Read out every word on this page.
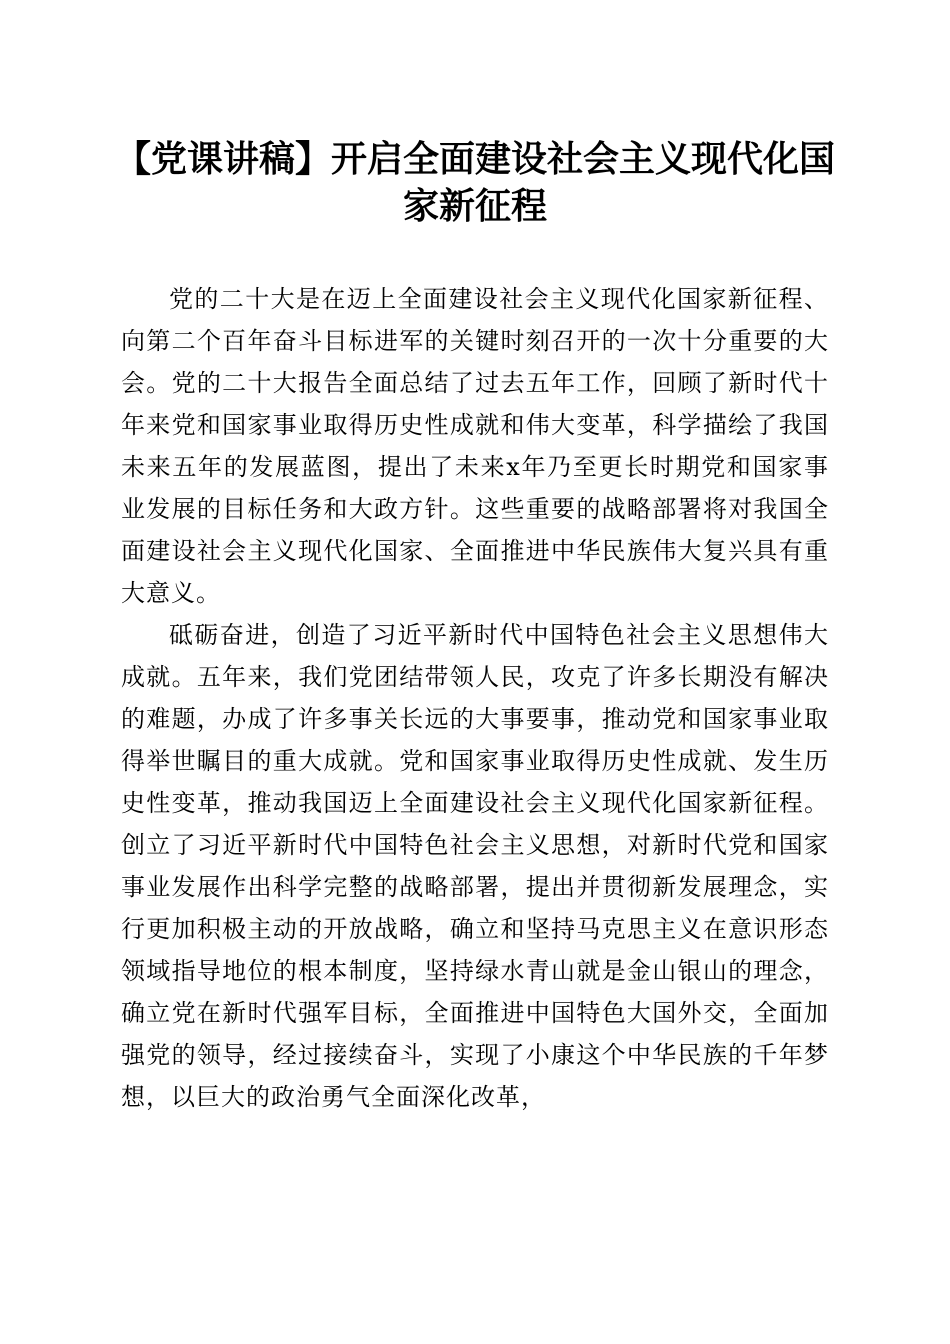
【党课讲稿】开启全面建设社会主义现代化国家新征程

党的二十大是在迈上全面建设社会主义现代化国家新征程、向第二个百年奋斗目标进军的关键时刻召开的一次十分重要的大会。党的二十大报告全面总结了过去五年工作，回顾了新时代十年来党和国家事业取得历史性成就和伟大变革，科学描绘了我国未来五年的发展蓝图，提出了未来x年乃至更长时期党和国家事业发展的目标任务和大政方针。这些重要的战略部署将对我国全面建设社会主义现代化国家、全面推进中华民族伟大复兴具有重大意义。

砥砺奋进，创造了习近平新时代中国特色社会主义思想伟大成就。五年来，我们党团结带领人民，攻克了许多长期没有解决的难题，办成了许多事关长远的大事要事，推动党和国家事业取得举世瞩目的重大成就。党和国家事业取得历史性成就、发生历史性变革，推动我国迈上全面建设社会主义现代化国家新征程。创立了习近平新时代中国特色社会主义思想，对新时代党和国家事业发展作出科学完整的战略部署，提出并贯彻新发展理念，实行更加积极主动的开放战略，确立和坚持马克思主义在意识形态领域指导地位的根本制度，坚持绿水青山就是金山银山的理念，确立党在新时代强军目标，全面推进中国特色大国外交，全面加强党的领导，经过接续奋斗，实现了小康这个中华民族的千年梦想，以巨大的政治勇气全面深化改革，
